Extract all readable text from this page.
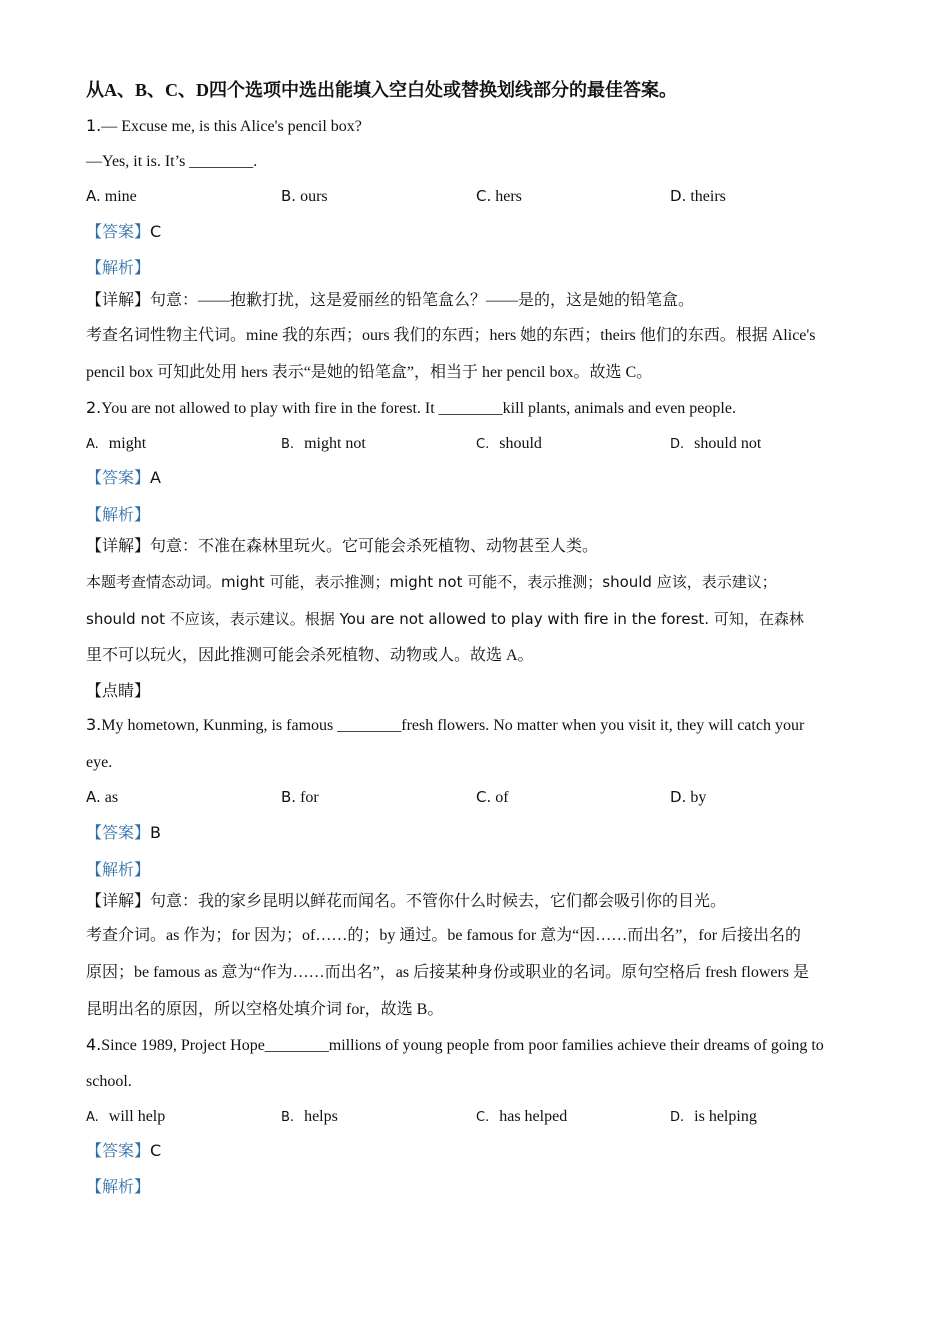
从A、B、C、D四个选项中选出能填入空白处或替换划线部分的最佳答案。
1.— Excuse me, is this Alice's pencil box?
—Yes, it is. It’s ________.
A. mine	B. ours	C. hers	D. theirs
【答案】C
【解析】
【详解】句意：——抱歉打扰，这是爱丽丝的铅笔盒么？——是的，这是她的铅笔盒。
考查名词性物主代词。mine 我的东西；ours 我们的东西；hers 她的东西；theirs 他们的东西。根据 Alice's
pencil box 可知此处用 hers 表示“是她的铅笔盒”，相当于 her pencil box。故选 C。
2.You are not allowed to play with fire in the forest. It ________kill plants, animals and even people.
A. might	B. might not	C. should	D. should not
【答案】A
【解析】
【详解】句意：不准在森林里玩火。它可能会杀死植物、动物甚至人类。
本题考查情态动词。might 可能，表示推测；might not 可能不，表示推测；should 应该，表示建议；
should not 不应该，表示建议。根据 You are not allowed to play with fire in the forest. 可知，在森林
里不可以玩火，因此推测可能会杀死植物、动物或人。故选 A。
【点睛】
3.My hometown, Kunming, is famous ________fresh flowers. No matter when you visit it, they will catch your
eye.
A. as	B. for	C. of	D. by
【答案】B
【解析】
【详解】句意：我的家乡昆明以鲜花而闻名。不管你什么时候去，它们都会吸引你的目光。
考查介词。as 作为；for 因为；of……的；by 通过。be famous for 意为“因……而出名”，for 后接出名的
原因；be famous as 意为“作为……而出名”，as 后接某种身份或职业的名词。原句空格后 fresh flowers 是
昆明出名的原因，所以空格处填介词 for，故选 B。
4.Since 1989, Project Hope________millions of young people from poor families achieve their dreams of going to
school.
A. will help	B. helps	C. has helped	D. is helping
【答案】C
【解析】
